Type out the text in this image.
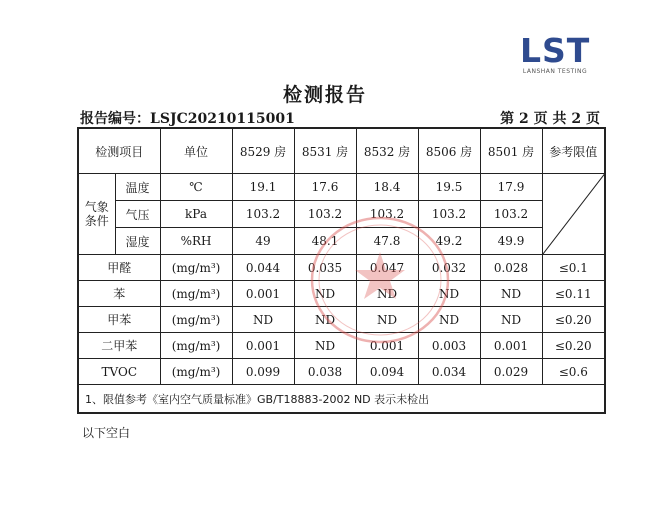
LST
LANSHAN TESTING
检测报告
报告编号：LSJC20210115001	第 2 页 共 2 页
检测项目		单位	8529 房	8531 房	8532 房	8506 房	8501 房	参考限值
气象
条件	温度	℃	19.1	17.6	18.4	19.5	17.9	

	气压	kPa	103.2	103.2	103.2	103.2	103.2	
	湿度	%RH	49	48.1	47.8	49.2	49.9	
甲醛		(mg/m³)	0.044	0.035	0.047	0.032	0.028	≤0.1
苯		(mg/m³)	0.001	ND	ND	ND	ND	≤0.11
甲苯		(mg/m³)	ND	ND	ND	ND	ND	≤0.20
二甲苯		(mg/m³)	0.001	ND	0.001	0.003	0.001	≤0.20
TVOC		(mg/m³)	0.099	0.038	0.094	0.034	0.029	≤0.6
1、限值参考《室内空气质量标准》GB/T18883-2002 ND 表示未检出								
以下空白
